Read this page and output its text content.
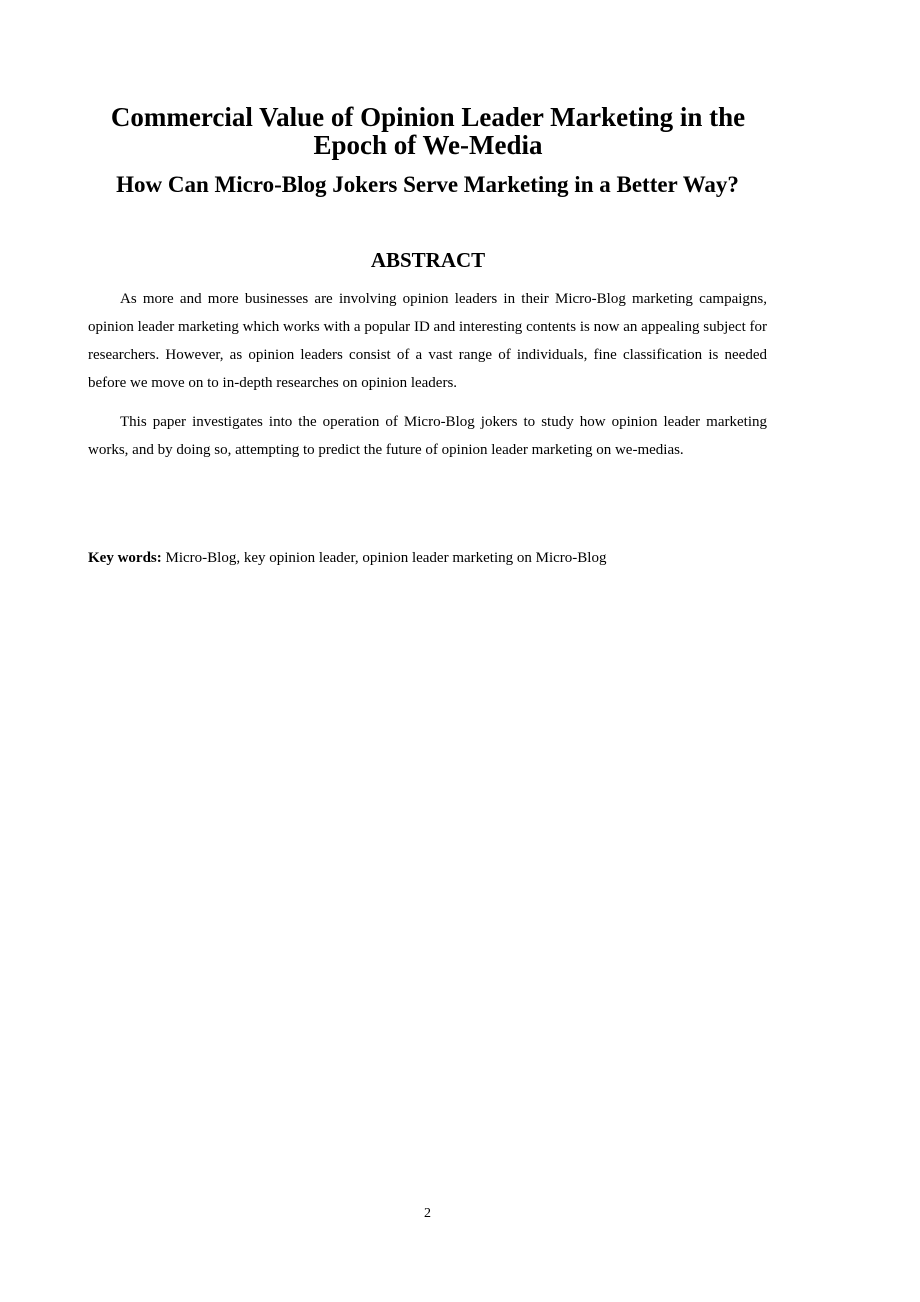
Commercial Value of Opinion Leader Marketing in the Epoch of We-Media
How Can Micro-Blog Jokers Serve Marketing in a Better Way?
ABSTRACT

As more and more businesses are involving opinion leaders in their Micro-Blog marketing campaigns, opinion leader marketing which works with a popular ID and interesting contents is now an appealing subject for researchers. However, as opinion leaders consist of a vast range of individuals, fine classification is needed before we move on to in-depth researches on opinion leaders.

This paper investigates into the operation of Micro-Blog jokers to study how opinion leader marketing works, and by doing so, attempting to predict the future of opinion leader marketing on we-medias.

Key words: Micro-Blog, key opinion leader, opinion leader marketing on Micro-Blog

2
